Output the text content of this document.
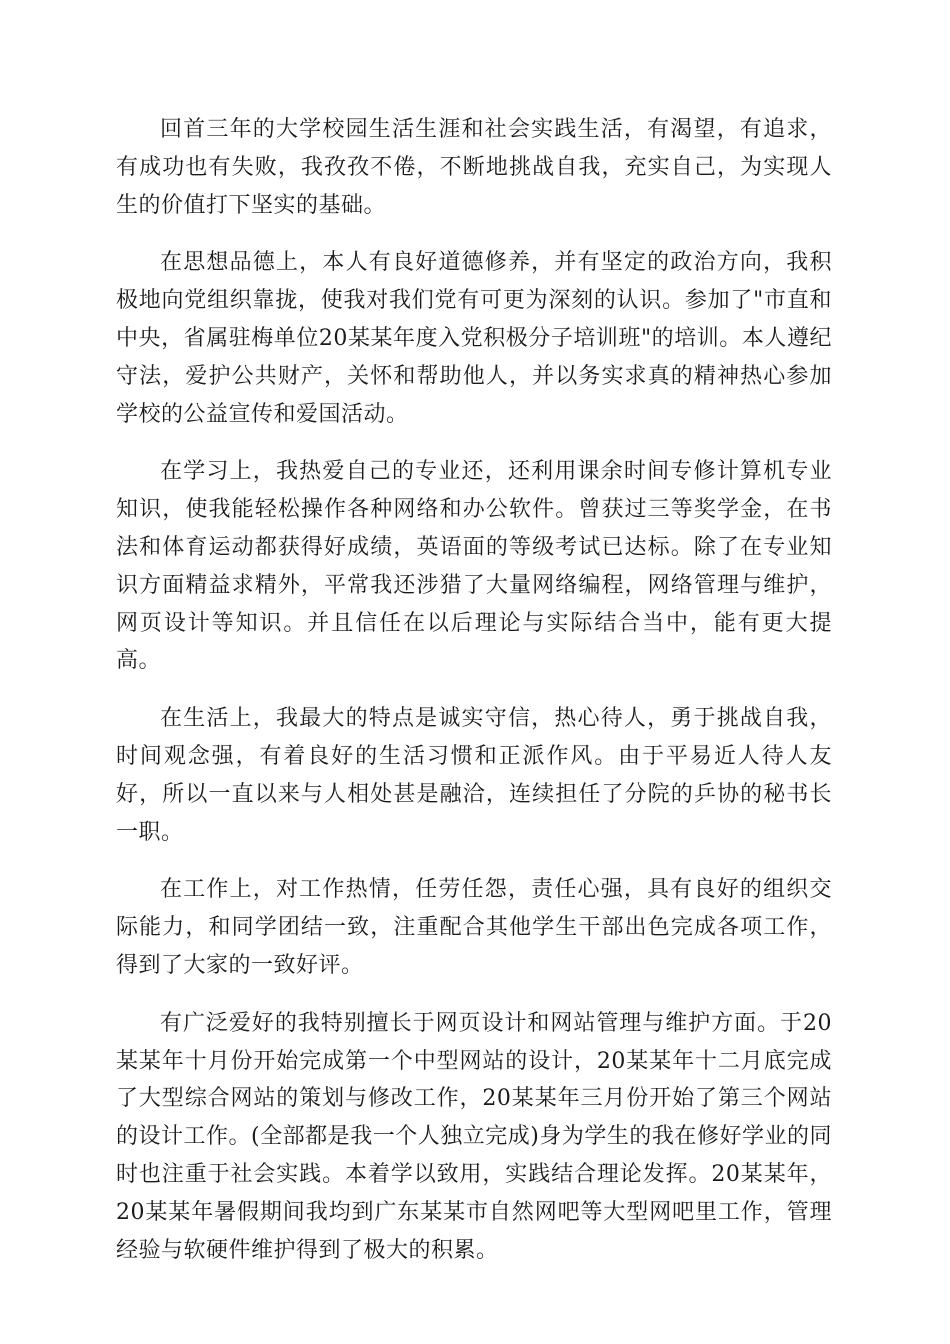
回首三年的大学校园生活生涯和社会实践生活，有渴望，有追求，有成功也有失败，我孜孜不倦，不断地挑战自我，充实自己，为实现人生的价值打下坚实的基础。

在思想品德上，本人有良好道德修养，并有坚定的政治方向，我积极地向党组织靠拢，使我对我们党有可更为深刻的认识。参加了"市直和中央，省属驻梅单位20某某年度入党积极分子培训班"的培训。本人遵纪守法，爱护公共财产，关怀和帮助他人，并以务实求真的精神热心参加学校的公益宣传和爱国活动。

在学习上，我热爱自己的专业还，还利用课余时间专修计算机专业知识，使我能轻松操作各种网络和办公软件。曾获过三等奖学金，在书法和体育运动都获得好成绩，英语面的等级考试已达标。除了在专业知识方面精益求精外，平常我还涉猎了大量网络编程，网络管理与维护，网页设计等知识。并且信任在以后理论与实际结合当中，能有更大提高。

在生活上，我最大的特点是诚实守信，热心待人，勇于挑战自我，时间观念强，有着良好的生活习惯和正派作风。由于平易近人待人友好，所以一直以来与人相处甚是融洽，连续担任了分院的乒协的秘书长一职。

在工作上，对工作热情，任劳任怨，责任心强，具有良好的组织交际能力，和同学团结一致，注重配合其他学生干部出色完成各项工作，得到了大家的一致好评。

有广泛爱好的我特别擅长于网页设计和网站管理与维护方面。于20某某年十月份开始完成第一个中型网站的设计，20某某年十二月底完成了大型综合网站的策划与修改工作，20某某年三月份开始了第三个网站的设计工作。(全部都是我一个人独立完成)身为学生的我在修好学业的同时也注重于社会实践。本着学以致用，实践结合理论发挥。20某某年，20某某年暑假期间我均到广东某某市自然网吧等大型网吧里工作，管理经验与软硬件维护得到了极大的积累。
